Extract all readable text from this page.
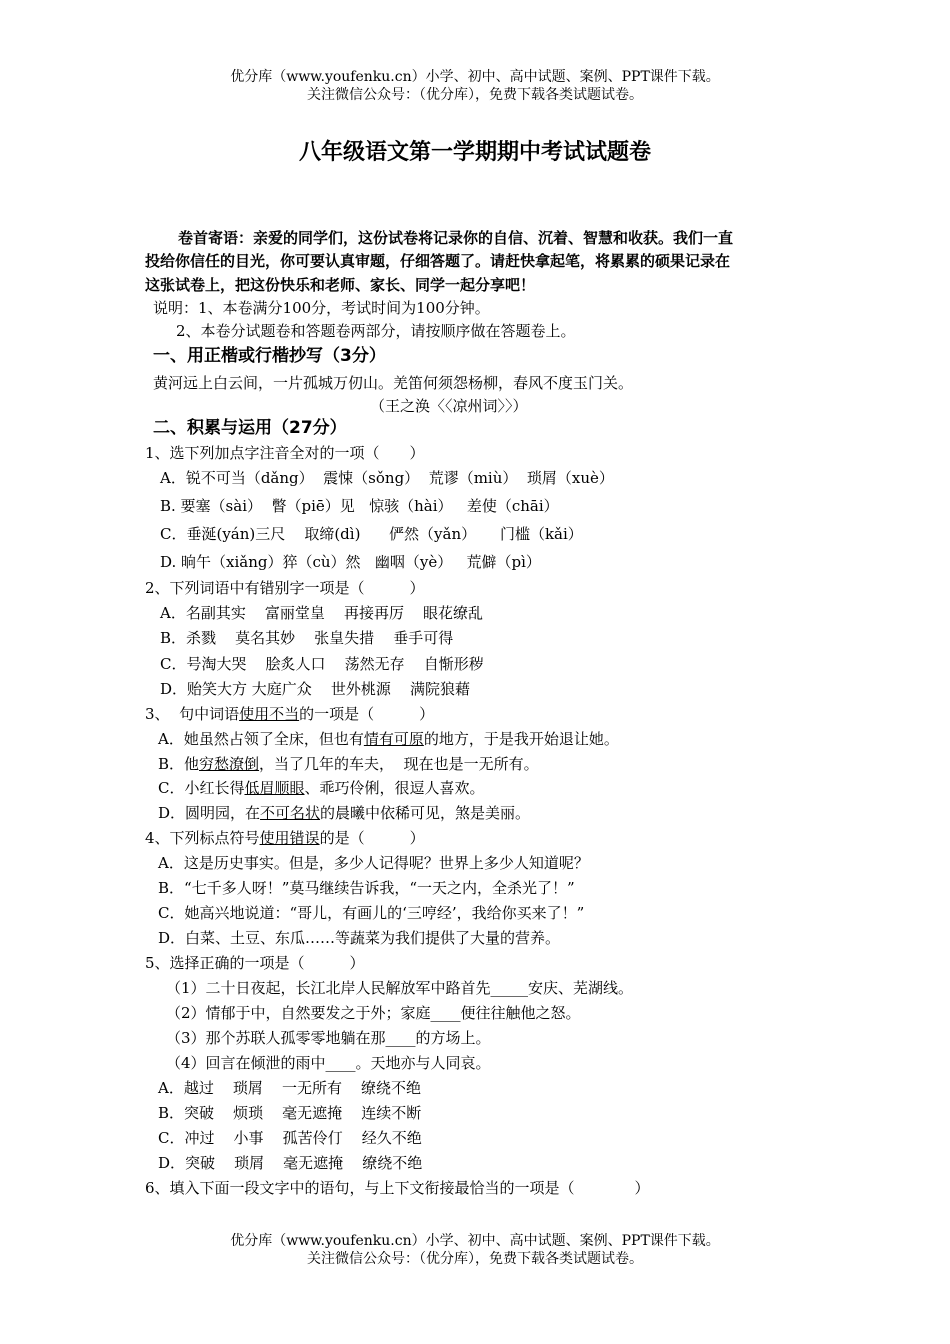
优分库（www.youfenku.cn）小学、初中、高中试题、案例、PPT课件下载。
关注微信公众号：（优分库），免费下载各类试题试卷。
八年级语文第一学期期中考试试题卷
卷首寄语：亲爱的同学们，这份试卷将记录你的自信、沉着、智慧和收获。我们一直
投给你信任的目光，你可要认真审题，仔细答题了。请赶快拿起笔，将累累的硕果记录在
这张试卷上，把这份快乐和老师、家长、同学一起分享吧！
说明：1、本卷满分100分，考试时间为100分钟。
2、本卷分试题卷和答题卷两部分，请按顺序做在答题卷上。
一、用正楷或行楷抄写（3分）
黄河远上白云间，一片孤城万仞山。羌笛何须怨杨柳，春风不度玉门关。
（王之涣〈〈凉州词〉〉）
二、积累与运用（27分）
1、选下列加点字注音全对的一项（　　）
A．锐不可当（dǎng）  震悚（sǒng）  荒谬（miù）  琐屑（xuè）
B. 要塞（sài）  瞥（piē）见   惊骇（hài）   差使（chāi）
C．垂涎(yán)三尺    取缔(dì)      俨然（yǎn）     门槛（kǎi）
D. 晌午（xiǎng）猝（cù）然   幽咽（yè）   荒僻（pì）
2、下列词语中有错别字一项是（　　　）
A．名副其实    富丽堂皇    再接再厉    眼花缭乱
B．杀戮    莫名其妙    张皇失措    垂手可得
C．号淘大哭    脍炙人口    荡然无存    自惭形秽
D．贻笑大方 大庭广众    世外桃源    满院狼藉
3、  句中词语使用不当的一项是（　　　）
A．她虽然占领了全床，但也有情有可原的地方，于是我开始退让她。
B．他穷愁潦倒，当了几年的车夫，  现在也是一无所有。
C．小红长得低眉顺眼、乖巧伶俐，很逗人喜欢。
D．圆明园，在不可名状的晨曦中依稀可见，煞是美丽。
4、下列标点符号使用错误的是（　　　）
A．这是历史事实。但是，多少人记得呢？世界上多少人知道呢？
B．“七千多人呀！”莫马继续告诉我，“一天之内，全杀光了！”
C．她高兴地说道：“哥儿，有画儿的‘三哼经’，我给你买来了！”
D．白菜、土豆、东瓜……等蔬菜为我们提供了大量的营养。
5、选择正确的一项是（　　　）
（1）二十日夜起，长江北岸人民解放军中路首先_____安庆、芜湖线。
（2）情郁于中，自然要发之于外；家庭____便往往触他之怒。
（3）那个苏联人孤零零地躺在那____的方场上。
（4）回言在倾泄的雨中____。天地亦与人同哀。
A．越过    琐屑    一无所有    缭绕不绝
B．突破    烦琐    毫无遮掩    连续不断
C．冲过    小事    孤苦伶仃    经久不绝
D．突破    琐屑    毫无遮掩    缭绕不绝
6、填入下面一段文字中的语句，与上下文衔接最恰当的一项是（　　　　）
优分库（www.youfenku.cn）小学、初中、高中试题、案例、PPT课件下载。
关注微信公众号：（优分库），免费下载各类试题试卷。
